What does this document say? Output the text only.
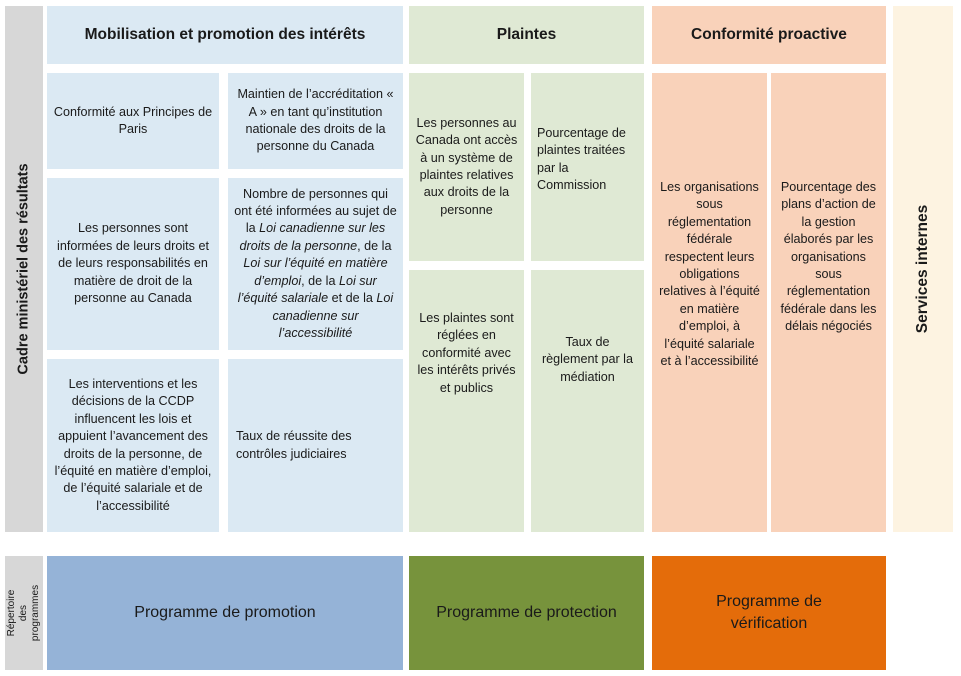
Cadre ministériel des résultats
Mobilisation et promotion des intérêts	Plaintes	Conformité proactive
Services internes
Conformité aux Principes de Paris
Maintien de l’accréditation « A » en tant qu’institution nationale des droits de la personne du Canada
Les personnes sont informées de leurs droits et de leurs responsabilités en matière de droit de la personne au Canada
Nombre de personnes qui ont été informées au sujet de la Loi canadienne sur les droits de la personne, de la Loi sur l’équité en matière d’emploi, de la Loi sur l’équité salariale et de la Loi canadienne sur l’accessibilité
Les interventions et les décisions de la CCDP influencent les lois et appuient l’avancement des droits de la personne, de l’équité en matière d’emploi, de l’équité salariale et de l’accessibilité
Taux de réussite des contrôles judiciaires
Les personnes au Canada ont accès à un système de plaintes relatives aux droits de la personne
Pourcentage de plaintes traitées par la Commission
Les plaintes sont réglées en conformité avec les intérêts privés et publics
Taux de règlement par la médiation
Les organisations sous réglementation fédérale respectent leurs obligations relatives à l’équité en matière d’emploi, à l’équité salariale et à l’accessibilité
Pourcentage des plans d’action de la gestion élaborés par les organisations sous réglementation fédérale dans les délais négociés
Répertoire des programmes	Programme de promotion	Programme de protection
Programme de vérification
